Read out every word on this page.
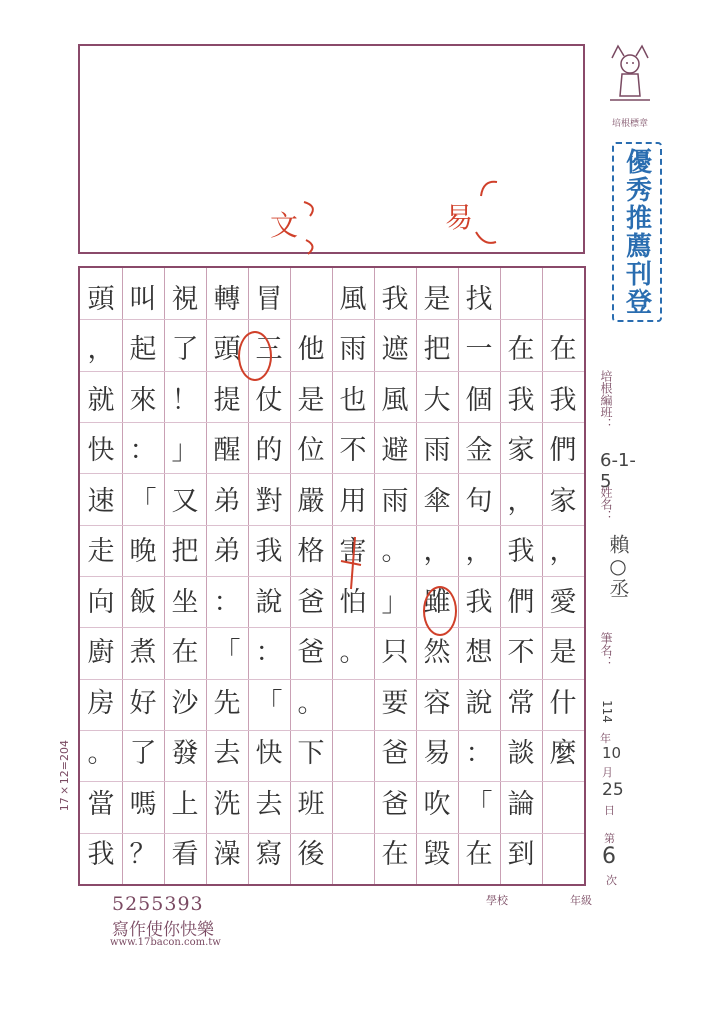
培根標章
優秀推薦刊登
文	易
在
我
們
家
，
愛
是
什
麼
在
我
家
，
我
們
不
常
談
論
到
找
一
個
金
句
，
我
想
說
：
「
在
是
把
大
雨
傘
，
雖
然
容
易
吹
毀
我
遮
風
避
雨
。
」
只
要
爸
爸
在
風
雨
也
不
用
害
怕
。
他
是
位
嚴
格
爸
爸
。
下
班
後
冒
三
仗
的
對
我
說
：
「
快
去
寫
轉
頭
提
醒
弟
弟
：
「
先
去
洗
澡
視
了
！
」
又
把
坐
在
沙
發
上
看
叫
起
來
：
「
晚
飯
煮
好
了
嗎
？
頭
，
就
快
速
走
向
廚
房
。
當
我
培根編班：
6-1-5
姓名：
賴○丞
筆名：
114
年
10
月
25
日
第
6
次
17×12=204
學校	年級
5255393
寫作使你快樂
www.17bacon.com.tw
